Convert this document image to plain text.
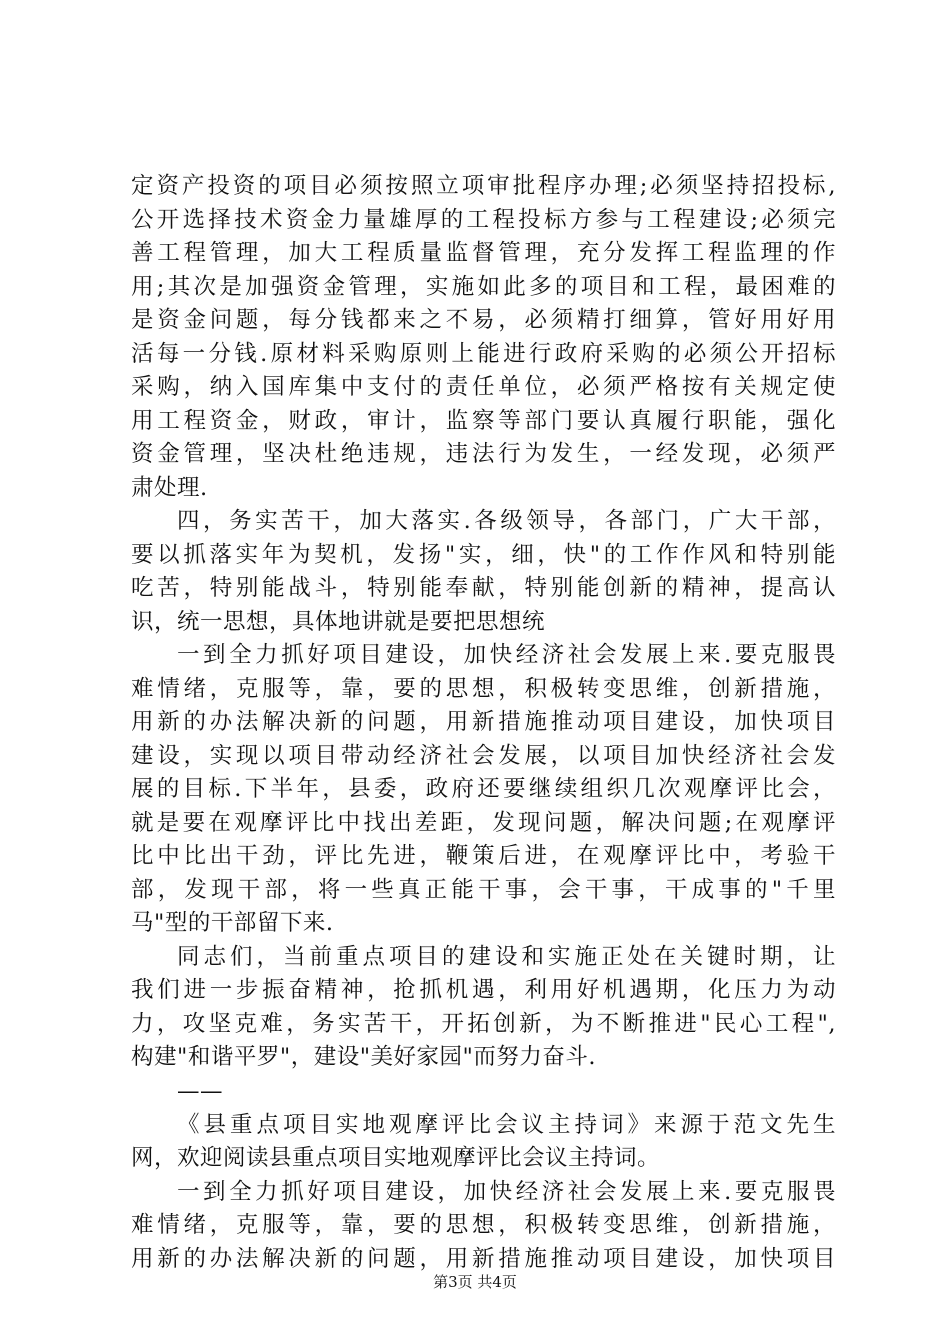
定资产投资的项目必须按照立项审批程序办理;必须坚持招投标,
公开选择技术资金力量雄厚的工程投标方参与工程建设;必须完
善工程管理，加大工程质量监督管理，充分发挥工程监理的作
用;其次是加强资金管理，实施如此多的项目和工程，最困难的
是资金问题，每分钱都来之不易，必须精打细算，管好用好用
活每一分钱.原材料采购原则上能进行政府采购的必须公开招标
采购，纳入国库集中支付的责任单位，必须严格按有关规定使
用工程资金，财政，审计，监察等部门要认真履行职能，强化
资金管理，坚决杜绝违规，违法行为发生，一经发现，必须严
肃处理.
四，务实苦干，加大落实.各级领导，各部门，广大干部，
要以抓落实年为契机，发扬"实，细，快"的工作作风和特别能
吃苦，特别能战斗，特别能奉献，特别能创新的精神，提高认
识，统一思想，具体地讲就是要把思想统
一到全力抓好项目建设，加快经济社会发展上来.要克服畏
难情绪，克服等，靠，要的思想，积极转变思维，创新措施，
用新的办法解决新的问题，用新措施推动项目建设，加快项目
建设，实现以项目带动经济社会发展，以项目加快经济社会发
展的目标.下半年，县委，政府还要继续组织几次观摩评比会，
就是要在观摩评比中找出差距，发现问题，解决问题;在观摩评
比中比出干劲，评比先进，鞭策后进，在观摩评比中，考验干
部，发现干部，将一些真正能干事，会干事，干成事的"千里
马"型的干部留下来.
同志们，当前重点项目的建设和实施正处在关键时期，让
我们进一步振奋精神，抢抓机遇，利用好机遇期，化压力为动
力，攻坚克难，务实苦干，开拓创新，为不断推进"民心工程",
构建"和谐平罗"，建设"美好家园"而努力奋斗.
——
《县重点项目实地观摩评比会议主持词》来源于范文先生
网，欢迎阅读县重点项目实地观摩评比会议主持词。
一到全力抓好项目建设，加快经济社会发展上来.要克服畏
难情绪，克服等，靠，要的思想，积极转变思维，创新措施，
用新的办法解决新的问题，用新措施推动项目建设，加快项目
第3页 共4页
